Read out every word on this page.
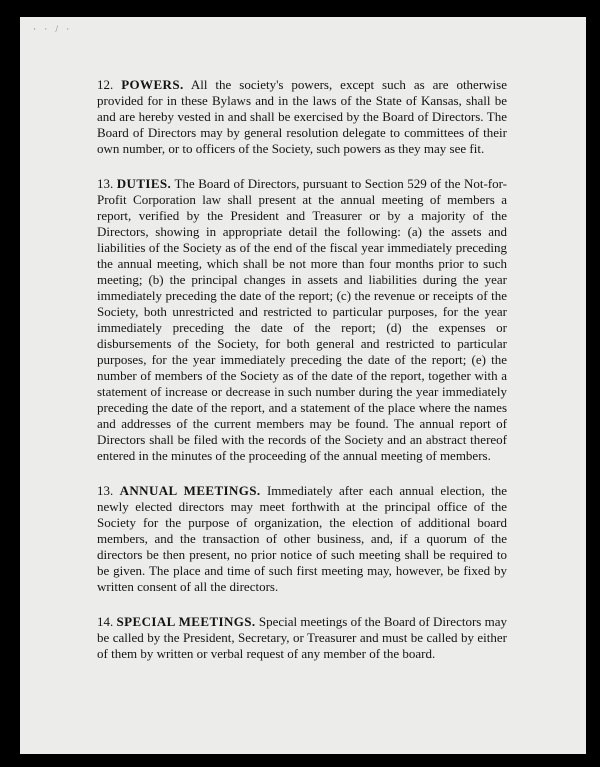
· · / ·

12. POWERS. All the society's powers, except such as are otherwise provided for in these Bylaws and in the laws of the State of Kansas, shall be and are hereby vested in and shall be exercised by the Board of Directors. The Board of Directors may by general resolution delegate to committees of their own number, or to officers of the Society, such powers as they may see fit.

13. DUTIES. The Board of Directors, pursuant to Section 529 of the Not-for-Profit Corporation law shall present at the annual meeting of members a report, verified by the President and Treasurer or by a majority of the Directors, showing in appropriate detail the following: (a) the assets and liabilities of the Society as of the end of the fiscal year immediately preceding the annual meeting, which shall be not more than four months prior to such meeting; (b) the principal changes in assets and liabilities during the year immediately preceding the date of the report; (c) the revenue or receipts of the Society, both unrestricted and restricted to particular purposes, for the year immediately preceding the date of the report; (d) the expenses or disbursements of the Society, for both general and restricted to particular purposes, for the year immediately preceding the date of the report; (e) the number of members of the Society as of the date of the report, together with a statement of increase or decrease in such number during the year immediately preceding the date of the report, and a statement of the place where the names and addresses of the current members may be found. The annual report of Directors shall be filed with the records of the Society and an abstract thereof entered in the minutes of the proceeding of the annual meeting of members.

13. ANNUAL MEETINGS. Immediately after each annual election, the newly elected directors may meet forthwith at the principal office of the Society for the purpose of organization, the election of additional board members, and the transaction of other business, and, if a quorum of the directors be then present, no prior notice of such meeting shall be required to be given. The place and time of such first meeting may, however, be fixed by written consent of all the directors.

14. SPECIAL MEETINGS. Special meetings of the Board of Directors may be called by the President, Secretary, or Treasurer and must be called by either of them by written or verbal request of any member of the board.
